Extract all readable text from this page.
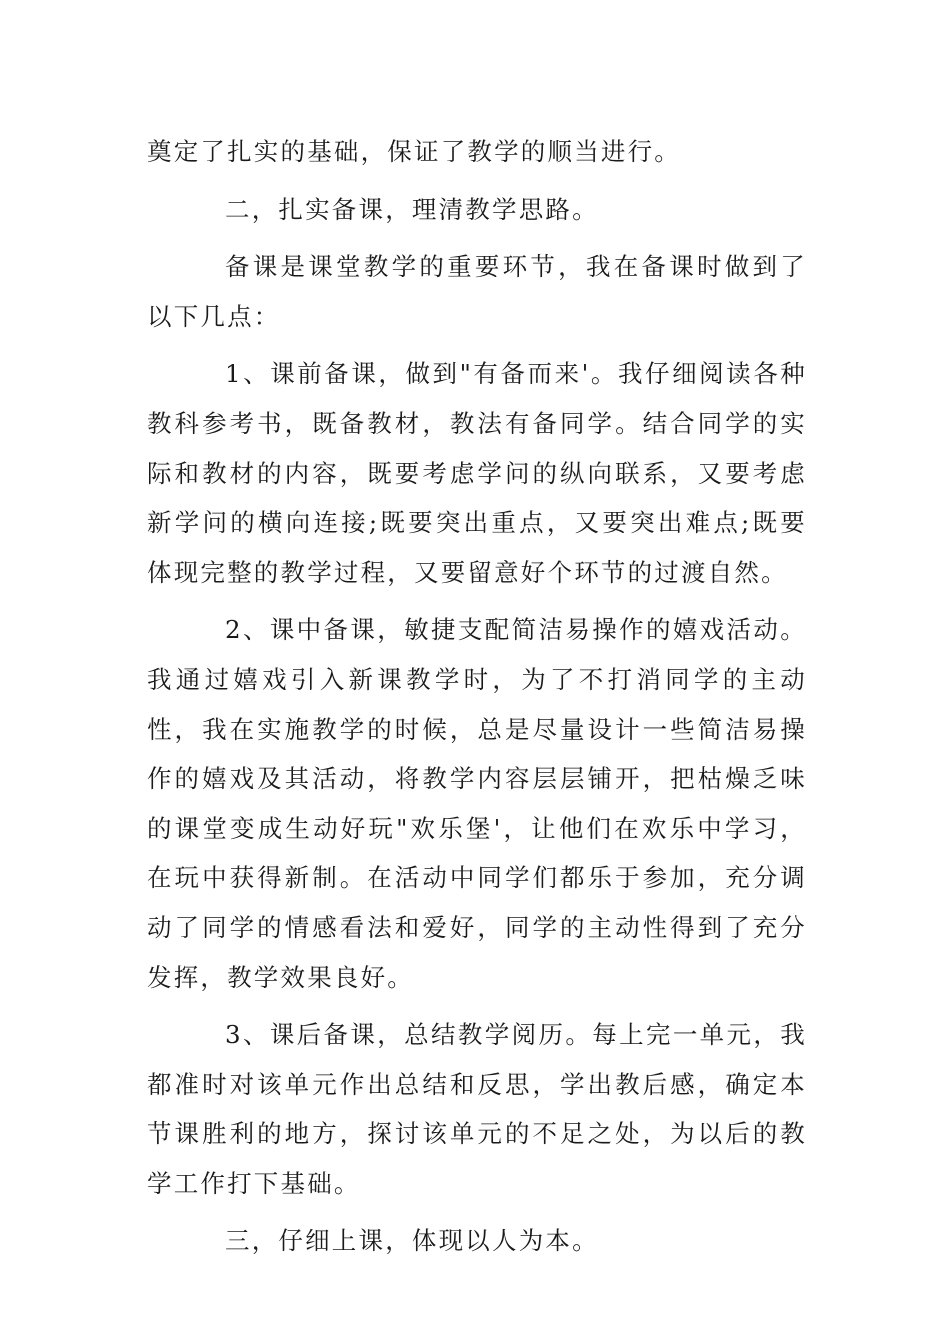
奠定了扎实的基础，保证了教学的顺当进行。

二，扎实备课，理清教学思路。

备课是课堂教学的重要环节，我在备课时做到了以下几点：

1、课前备课，做到"有备而来'。我仔细阅读各种教科参考书，既备教材，教法有备同学。结合同学的实际和教材的内容，既要考虑学问的纵向联系，又要考虑新学问的横向连接;既要突出重点，又要突出难点;既要体现完整的教学过程，又要留意好个环节的过渡自然。

2、课中备课，敏捷支配简洁易操作的嬉戏活动。我通过嬉戏引入新课教学时，为了不打消同学的主动性，我在实施教学的时候，总是尽量设计一些简洁易操作的嬉戏及其活动，将教学内容层层铺开，把枯燥乏味的课堂变成生动好玩"欢乐堡'，让他们在欢乐中学习，在玩中获得新制。在活动中同学们都乐于参加，充分调动了同学的情感看法和爱好，同学的主动性得到了充分发挥，教学效果良好。

3、课后备课，总结教学阅历。每上完一单元，我都准时对该单元作出总结和反思，学出教后感，确定本节课胜利的地方，探讨该单元的不足之处，为以后的教学工作打下基础。

三，仔细上课，体现以人为本。
